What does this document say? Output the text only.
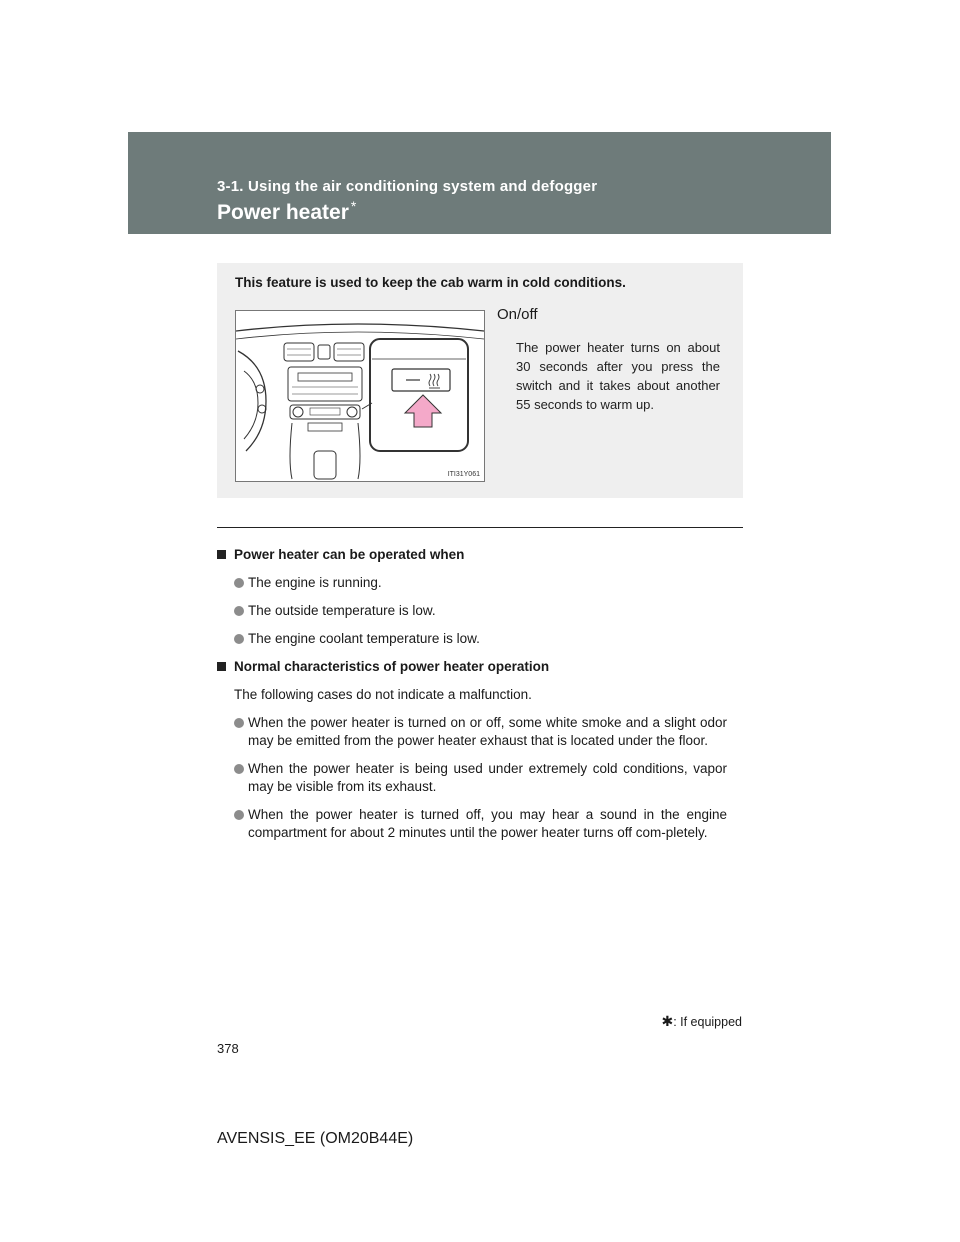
3-1. Using the air conditioning system and defogger
Power heater *
This feature is used to keep the cab warm in cold conditions.
ITI31Y061
On/off
The power heater turns on about 30 seconds after you press the switch and it takes about another 55 seconds to warm up.
Power heater can be operated when
The engine is running.
The outside temperature is low.
The engine coolant temperature is low.
Normal characteristics of power heater operation
The following cases do not indicate a malfunction.
When the power heater is turned on or off, some white smoke and a slight odor may be emitted from the power heater exhaust that is located under the floor.
When the power heater is being used under extremely cold conditions, vapor may be visible from its exhaust.
When the power heater is turned off, you may hear a sound in the engine compartment for about 2 minutes until the power heater turns off com-pletely.
✱: If equipped
378
AVENSIS_EE (OM20B44E)
